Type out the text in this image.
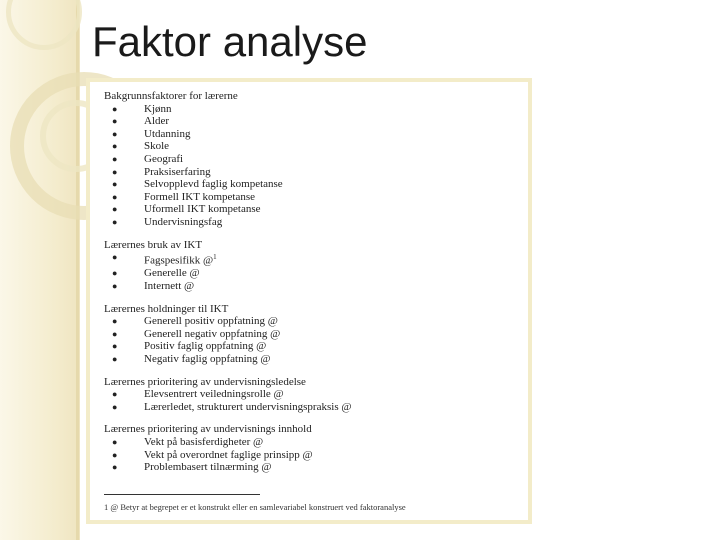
Faktor analyse

Bakgrunnsfaktorer for lærerne

● Kjønn
● Alder
● Utdanning
● Skole
● Geografi
● Praksiserfaring
● Selvopplevd faglig kompetanse
● Formell IKT kompetanse
● Uformell IKT kompetanse
● Undervisningsfag

Lærernes bruk av IKT

● Fagspesifikk @$^1$
● Generelle @
● Internett @

Lærernes holdninger til IKT

● Generell positiv oppfatning @
● Generell negativ oppfatning @
● Positiv faglig oppfatning @
● Negativ faglig oppfatning @

Lærernes prioritering av undervisningsledelse

● Elevsentrert veiledningsrolle @
● Lærerledet, strukturert undervisningspraksis @

Lærernes prioritering av undervisnings innhold

● Vekt på basisferdigheter @
● Vekt på overordnet faglige prinsipp @
● Problembasert tilnærming @
1 @ Betyr at begrepet er et konstrukt eller en samlevariabel konstruert ved faktoranalyse
